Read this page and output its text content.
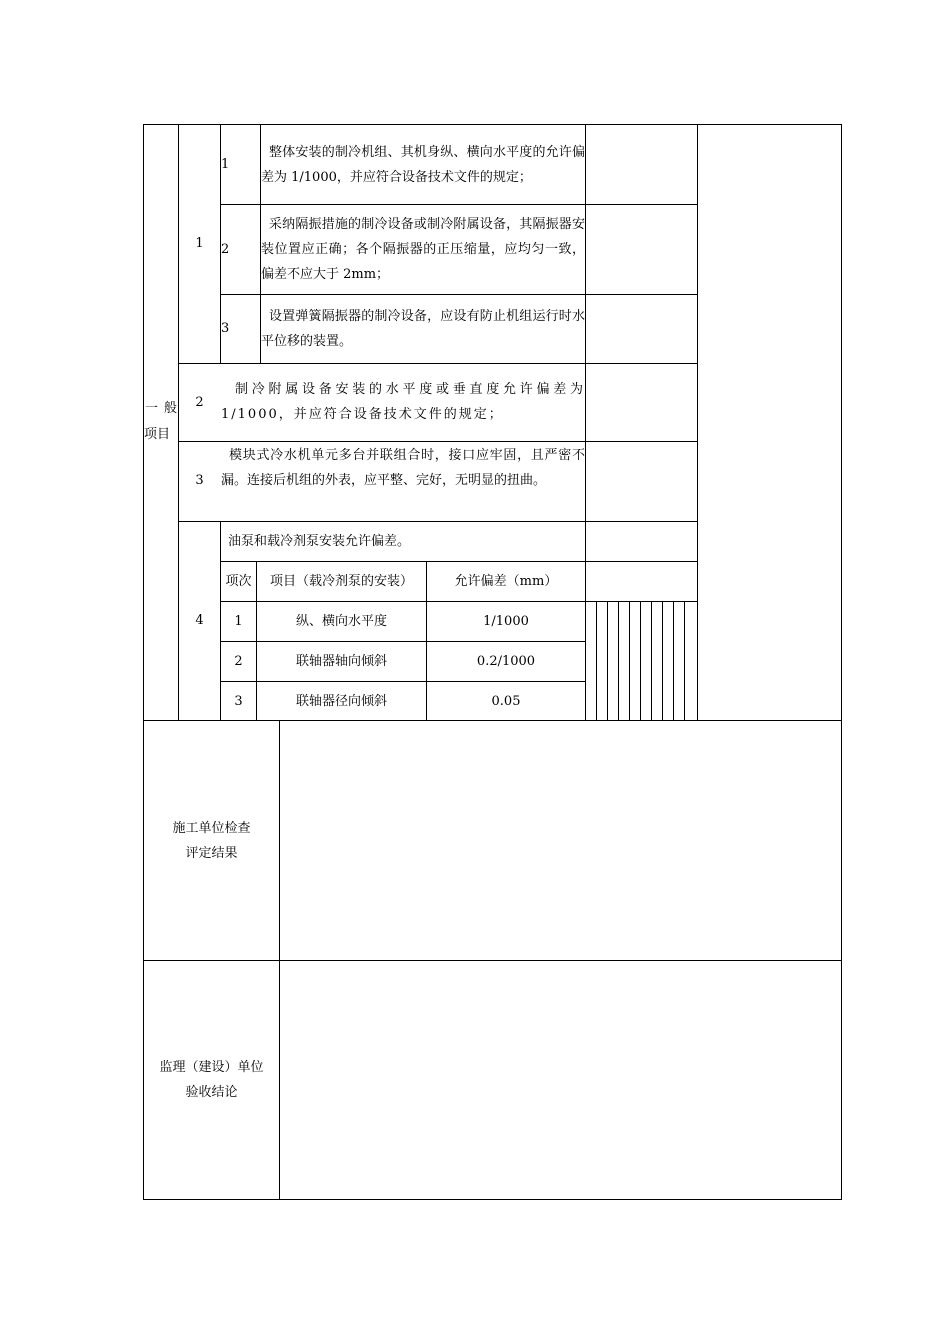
一 般
项目
1
1
整体安装的制冷机组、其机身纵、横向水平度的允许偏差为 1/1000，并应符合设备技术文件的规定；
2
采纳隔振措施的制冷设备或制冷附属设备，其隔振器安装位置应正确；各个隔振器的正压缩量，应均匀一致，偏差不应大于 2mm；
3
设置弹簧隔振器的制冷设备，应设有防止机组运行时水平位移的装置。
2
制冷附属设备安装的水平度或垂直度允许偏差为 1/1000，并应符合设备技术文件的规定；
3
模块式冷水机单元多台并联组合时，接口应牢固，且严密不漏。连接后机组的外表，应平整、完好，无明显的扭曲。
4
油泵和载冷剂泵安装允许偏差。
项次	项目（载冷剂泵的安装）	允许偏差（mm）
1	纵、横向水平度	1/1000
2	联轴器轴向倾斜	0.2/1000
3	联轴器径向倾斜	0.05
施工单位检查
评定结果
监理（建设）单位
验收结论
